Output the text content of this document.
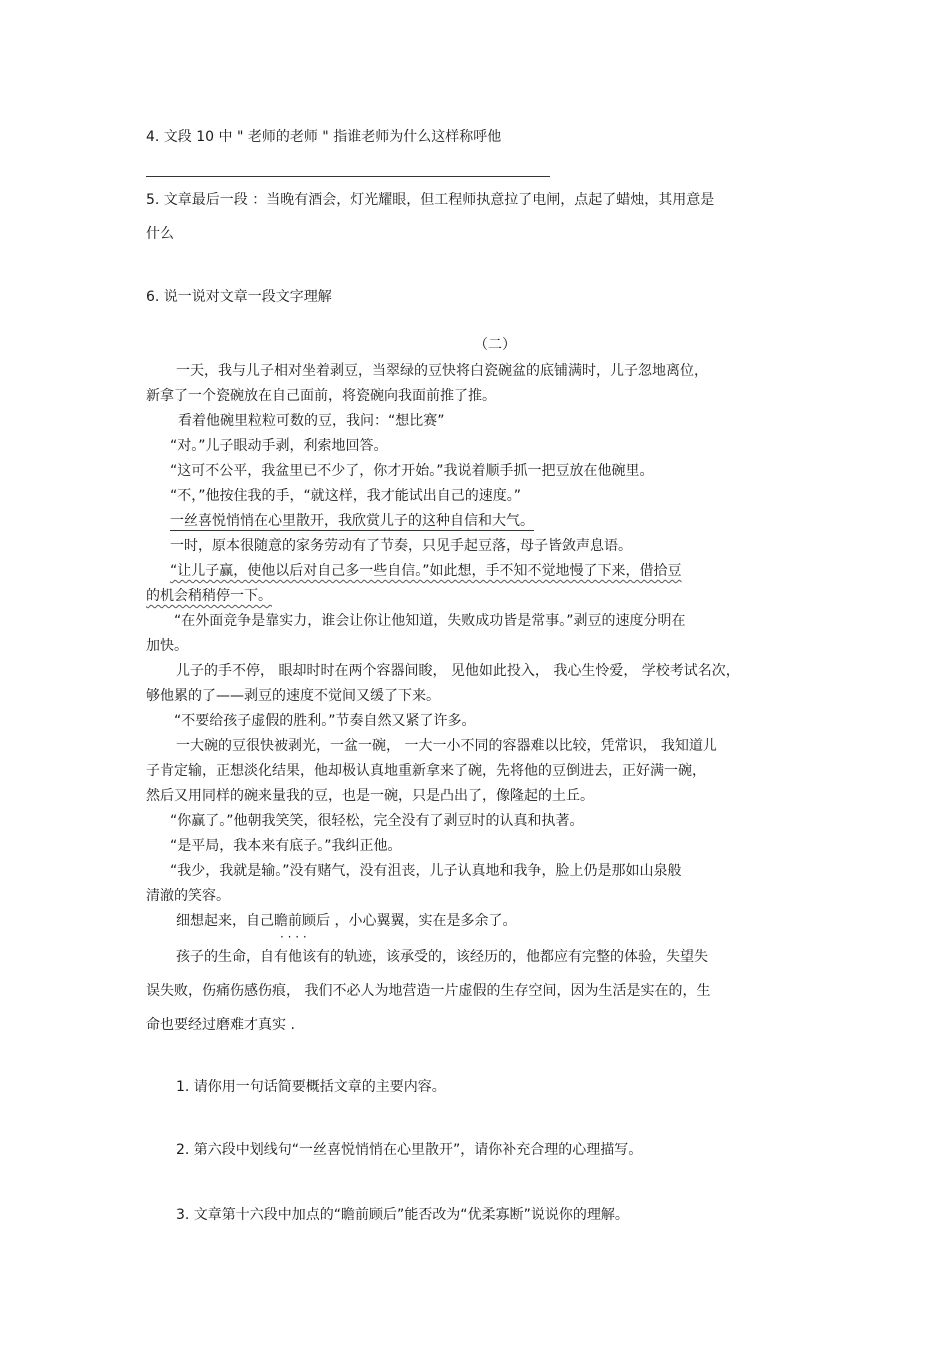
4. 文段 10 中 " 老师的老师 " 指谁老师为什么这样称呼他
5. 文章最后一段 ：当晚有酒会，灯光耀眼，但工程师执意拉了电闸，点起了蜡烛，其用意是
什么
6. 说一说对文章一段文字理解
（二）
一天，我与儿子相对坐着剥豆，当翠绿的豆快将白瓷碗盆的底铺满时，儿子忽地离位，
新拿了一个瓷碗放在自己面前，将瓷碗向我面前推了推。
看着他碗里粒粒可数的豆，我问：“想比赛”
“对。”儿子眼动手剥，利索地回答。
“这可不公平，我盆里已不少了，你才开始。”我说着顺手抓一把豆放在他碗里。
“不，”他按住我的手，“就这样，我才能试出自己的速度。”
一丝喜悦悄悄在心里散开，我欣赏儿子的这种自信和大气。
一时，原本很随意的家务劳动有了节奏，只见手起豆落，母子皆敛声息语。
“让儿子赢，使他以后对自己多一些自信。”如此想，手不知不觉地慢了下来，借拾豆
的机会稍稍停一下。
“在外面竞争是靠实力，谁会让你让他知道，失败成功皆是常事。”剥豆的速度分明在
加快。
儿子的手不停， 眼却时时在两个容器间睃， 见他如此投入， 我心生怜爱， 学校考试名次，
够他累的了——剥豆的速度不觉间又缓了下来。
“不要给孩子虚假的胜利。”节奏自然又紧了许多。
一大碗的豆很快被剥光，一盆一碗， 一大一小不同的容器难以比较，凭常识， 我知道儿
子肯定输，正想淡化结果，他却极认真地重新拿来了碗，先将他的豆倒进去，正好满一碗，
然后又用同样的碗来量我的豆，也是一碗，只是凸出了，像隆起的土丘。
“你赢了。”他朝我笑笑，很轻松，完全没有了剥豆时的认真和执著。
“是平局，我本来有底子。”我纠正他。
“我少，我就是输。”没有赌气，没有沮丧，儿子认真地和我争，脸上仍是那如山泉般
清澈的笑容。
细想起来，自己瞻前顾后 · · ，小心翼翼，实在是多余了。
孩子的生命，自有他该有的轨迹，该承受的，该经历的，他都应有完整的体验，失望失
误失败，伤痛伤感伤痕， 我们不必人为地营造一片虚假的生存空间，因为生活是实在的，生
命也要经过磨难才真实 .
1. 请你用一句话简要概括文章的主要内容。
2. 第六段中划线句“一丝喜悦悄悄在心里散开”，请你补充合理的心理描写。
3. 文章第十六段中加点的“瞻前顾后”能否改为“优柔寡断”说说你的理解。
